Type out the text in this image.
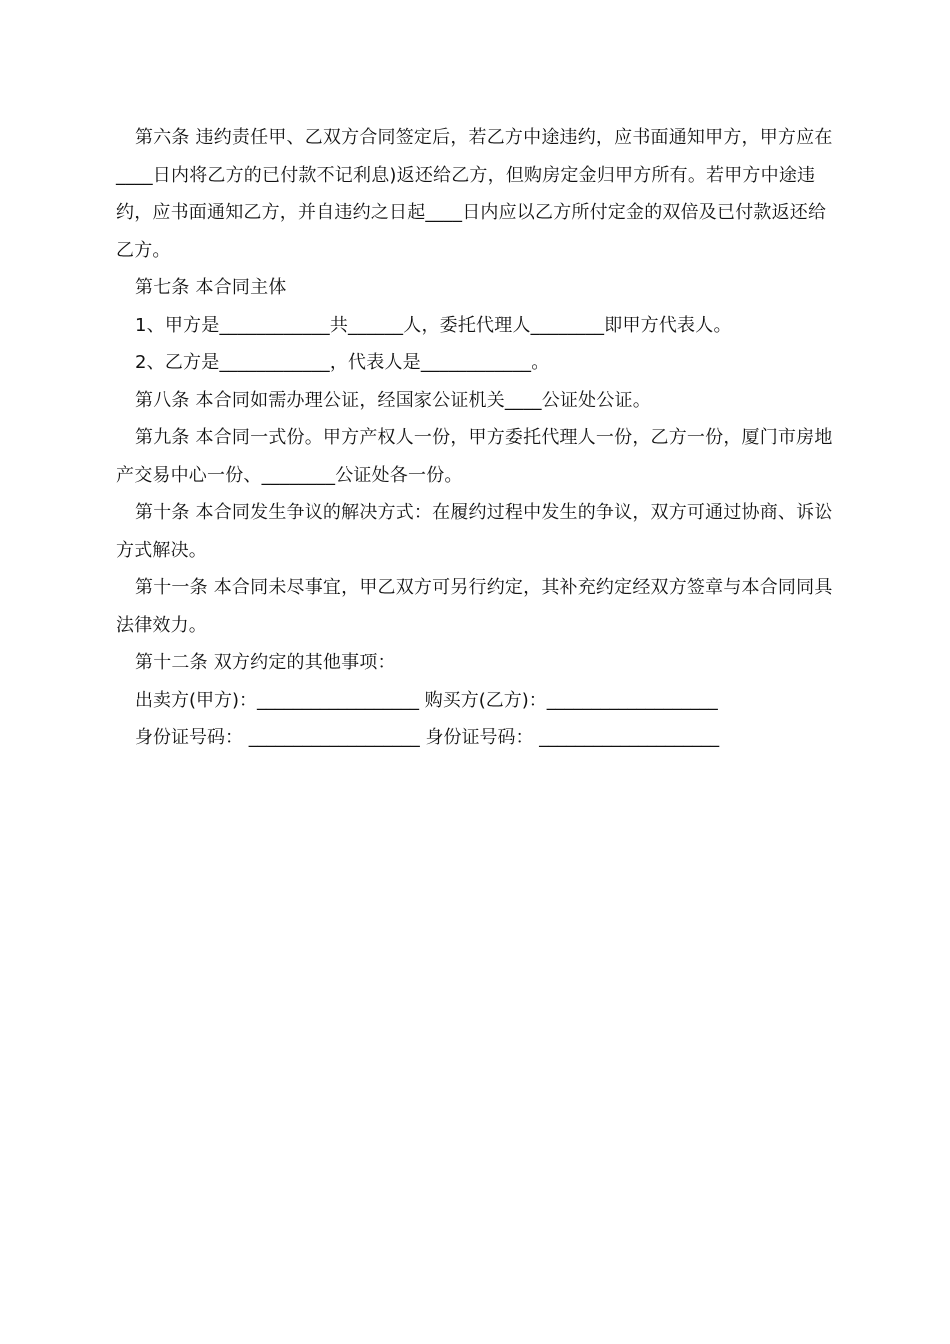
第六条 违约责任甲、乙双方合同签定后，若乙方中途违约，应书面通知甲方，甲方应在____日内将乙方的已付款不记利息)返还给乙方，但购房定金归甲方所有。若甲方中途违约，应书面通知乙方，并自违约之日起____日内应以乙方所付定金的双倍及已付款返还给乙方。

第七条 本合同主体

1、甲方是____________共______人，委托代理人________即甲方代表人。

2、乙方是____________，代表人是____________。

第八条 本合同如需办理公证，经国家公证机关____公证处公证。

第九条 本合同一式份。甲方产权人一份，甲方委托代理人一份，乙方一份，厦门市房地产交易中心一份、________公证处各一份。

第十条 本合同发生争议的解决方式：在履约过程中发生的争议，双方可通过协商、诉讼方式解决。

第十一条 本合同未尽事宜，甲乙双方可另行约定，其补充约定经双方签章与本合同同具法律效力。

第十二条 双方约定的其他事项：

出卖方(甲方)：__________________ 购买方(乙方)：___________________

身份证号码： ___________________ 身份证号码： ____________________
